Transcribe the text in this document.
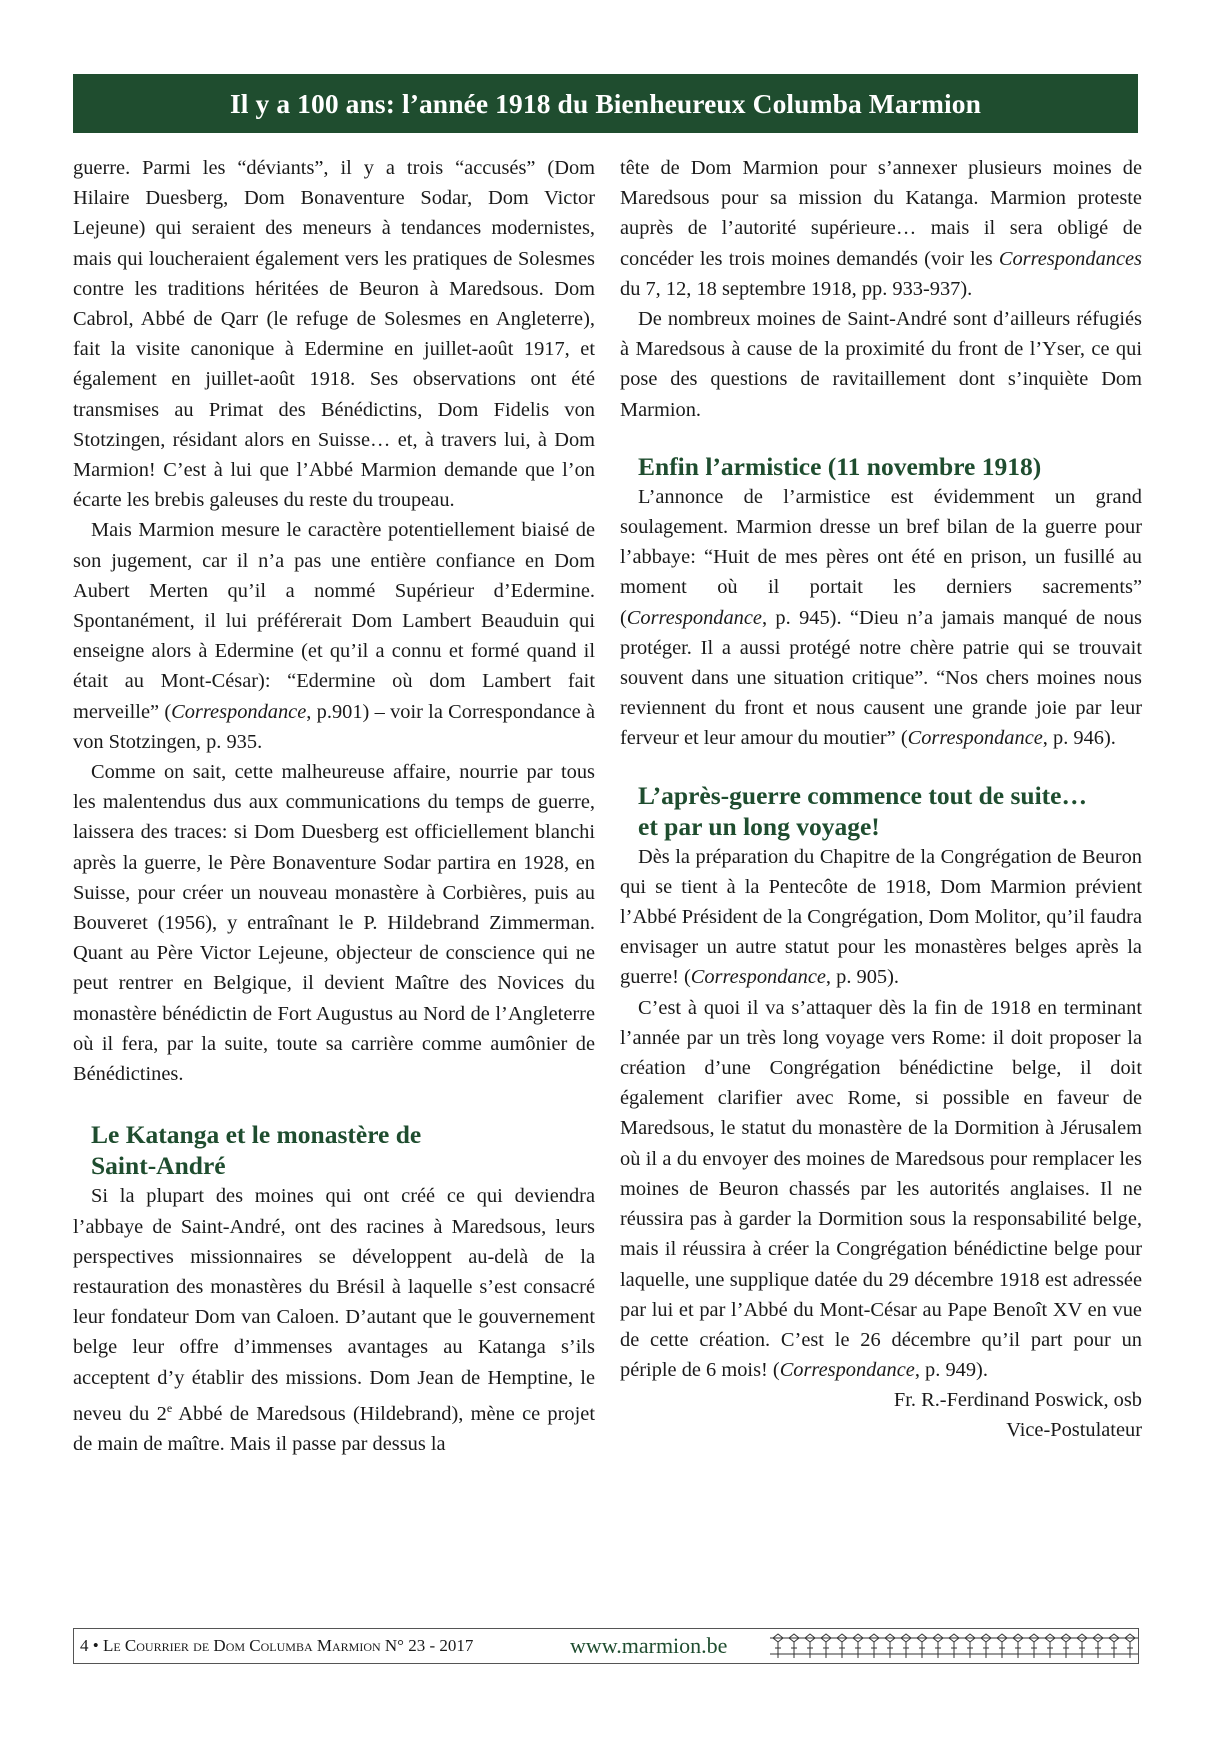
Il y a 100 ans: l’année 1918 du Bienheureux Columba Marmion

guerre. Parmi les “déviants”, il y a trois “accusés” (Dom Hilaire Duesberg, Dom Bonaventure Sodar, Dom Victor Lejeune) qui seraient des meneurs à tendances modernistes, mais qui loucheraient également vers les pratiques de Solesmes contre les traditions héritées de Beuron à Maredsous. Dom Cabrol, Abbé de Qarr (le refuge de Solesmes en Angleterre), fait la visite canonique à Edermine en juillet-août 1917, et également en juillet-août 1918. Ses observations ont été transmises au Primat des Bénédictins, Dom Fidelis von Stotzingen, résidant alors en Suisse… et, à travers lui, à Dom Marmion! C’est à lui que l’Abbé Marmion demande que l’on écarte les brebis galeuses du reste du troupeau.

Mais Marmion mesure le caractère potentiellement biaisé de son jugement, car il n’a pas une entière confiance en Dom Aubert Merten qu’il a nommé Supérieur d’Edermine. Spontanément, il lui préférerait Dom Lambert Beauduin qui enseigne alors à Edermine (et qu’il a connu et formé quand il était au Mont-César): “Edermine où dom Lambert fait merveille” (Correspondance, p.901) – voir la Correspondance à von Stotzingen, p. 935.

Comme on sait, cette malheureuse affaire, nourrie par tous les malentendus dus aux communications du temps de guerre, laissera des traces: si Dom Duesberg est officiellement blanchi après la guerre, le Père Bonaventure Sodar partira en 1928, en Suisse, pour créer un nouveau monastère à Corbières, puis au Bouveret (1956), y entraînant le P. Hildebrand Zimmerman. Quant au Père Victor Lejeune, objecteur de conscience qui ne peut rentrer en Belgique, il devient Maître des Novices du monastère bénédictin de Fort Augustus au Nord de l’Angleterre où il fera, par la suite, toute sa carrière comme aumônier de Bénédictines.

Le Katanga et le monastère de
Saint-André

Si la plupart des moines qui ont créé ce qui deviendra l’abbaye de Saint-André, ont des racines à Maredsous, leurs perspectives missionnaires se développent au-delà de la restauration des monastères du Brésil à laquelle s’est consacré leur fondateur Dom van Caloen. D’autant que le gouvernement belge leur offre d’immenses avantages au Katanga s’ils acceptent d’y établir des missions. Dom Jean de Hemptine, le neveu du 2e Abbé de Maredsous (Hildebrand), mène ce projet de main de maître. Mais il passe par dessus la

tête de Dom Marmion pour s’annexer plusieurs moines de Maredsous pour sa mission du Katanga. Marmion proteste auprès de l’autorité supérieure… mais il sera obligé de concéder les trois moines demandés (voir les Correspondances du 7, 12, 18 septembre 1918, pp. 933-937).

De nombreux moines de Saint-André sont d’ailleurs réfugiés à Maredsous à cause de la proximité du front de l’Yser, ce qui pose des questions de ravitaillement dont s’inquiète Dom Marmion.

Enfin l’armistice (11 novembre 1918)

L’annonce de l’armistice est évidemment un grand soulagement. Marmion dresse un bref bilan de la guerre pour l’abbaye: “Huit de mes pères ont été en prison, un fusillé au moment où il portait les derniers sacrements” (Correspondance, p. 945). “Dieu n’a jamais manqué de nous protéger. Il a aussi protégé notre chère patrie qui se trouvait souvent dans une situation critique”. “Nos chers moines nous reviennent du front et nous causent une grande joie par leur ferveur et leur amour du moutier” (Correspondance, p. 946).

L’après-guerre commence tout de suite…
et par un long voyage!

Dès la préparation du Chapitre de la Congrégation de Beuron qui se tient à la Pentecôte de 1918, Dom Marmion prévient l’Abbé Président de la Congrégation, Dom Molitor, qu’il faudra envisager un autre statut pour les monastères belges après la guerre! (Correspondance, p. 905).

C’est à quoi il va s’attaquer dès la fin de 1918 en terminant l’année par un très long voyage vers Rome: il doit proposer la création d’une Congrégation bénédictine belge, il doit également clarifier avec Rome, si possible en faveur de Maredsous, le statut du monastère de la Dormition à Jérusalem où il a du envoyer des moines de Maredsous pour remplacer les moines de Beuron chassés par les autorités anglaises. Il ne réussira pas à garder la Dormition sous la responsabilité belge, mais il réussira à créer la Congrégation bénédictine belge pour laquelle, une supplique datée du 29 décembre 1918 est adressée par lui et par l’Abbé du Mont-César au Pape Benoît XV en vue de cette création. C’est le 26 décembre qu’il part pour un périple de 6 mois! (Correspondance, p. 949).

Fr. R.-Ferdinand Poswick, osb

Vice-Postulateur

4 • Le Courrier de Dom Columba Marmion N° 23 - 2017	www.marmion.be
